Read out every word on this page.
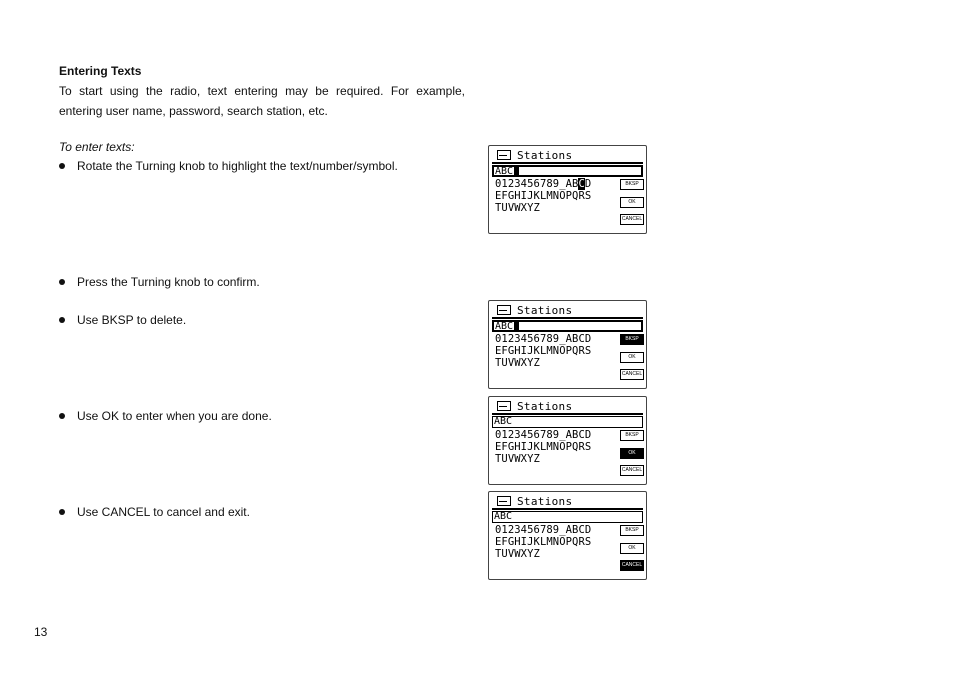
Entering Texts
To start using the radio, text entering may be required. For example, entering user name, password, search station, etc.
To enter texts:
Rotate the Turning knob to highlight the text/number/symbol.
Press the Turning knob to confirm.
Use BKSP to delete.
Use OK to enter when you are done.
Use CANCEL to cancel and exit.
Stations
ABC
0123456789_ABCD
EFGHIJKLMNOPQRS
TUVWXYZ
BKSP
OK
CANCEL
Stations
ABC
0123456789_ABCD
EFGHIJKLMNOPQRS
TUVWXYZ
BKSP
OK
CANCEL
Stations
ABC
0123456789_ABCD
EFGHIJKLMNOPQRS
TUVWXYZ
BKSP
OK
CANCEL
Stations
ABC
0123456789_ABCD
EFGHIJKLMNOPQRS
TUVWXYZ
BKSP
OK
CANCEL
13
